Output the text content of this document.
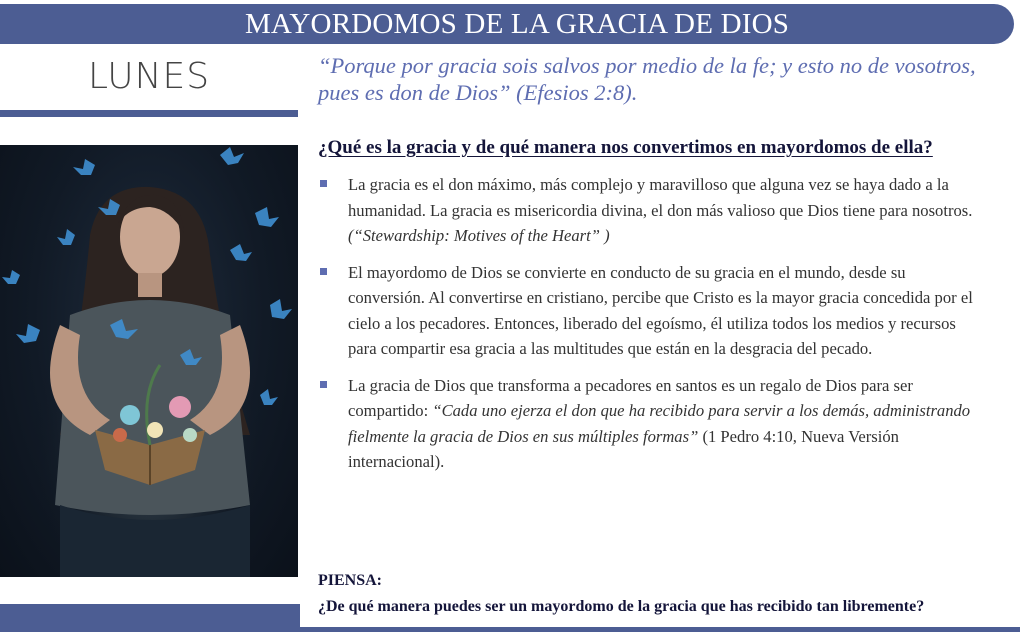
MAYORDOMOS DE LA GRACIA DE DIOS
LUNES	“Porque por gracia sois salvos por medio de la fe; y esto no de vosotros, pues es don de Dios” (Efesios 2:8).
¿Qué es la gracia y de qué manera nos convertimos en mayordomos de ella?
La gracia es el don máximo, más complejo y maravilloso que alguna vez se haya dado a la humanidad. La gracia es misericordia divina, el don más valioso que Dios tiene para nosotros.(“Stewardship: Motives of the Heart” )
El mayordomo de Dios se convierte en conducto de su gracia en el mundo, desde su conversión. Al convertirse en cristiano, percibe que Cristo es la mayor gracia concedida por el cielo a los pecadores. Entonces, liberado del egoísmo, él utiliza todos los medios y recursos para compartir esa gracia a las multitudes que están en la desgracia del pecado.
La gracia de Dios que transforma a pecadores en santos es un regalo de Dios para ser compartido: “Cada uno ejerza el don que ha recibido para servir a los demás, administrando fielmente la gracia de Dios en sus múltiples formas” (1 Pedro 4:10, Nueva Versión internacional).
PIENSA:
¿De qué manera puedes ser un mayordomo de la gracia que has recibido tan libremente?
